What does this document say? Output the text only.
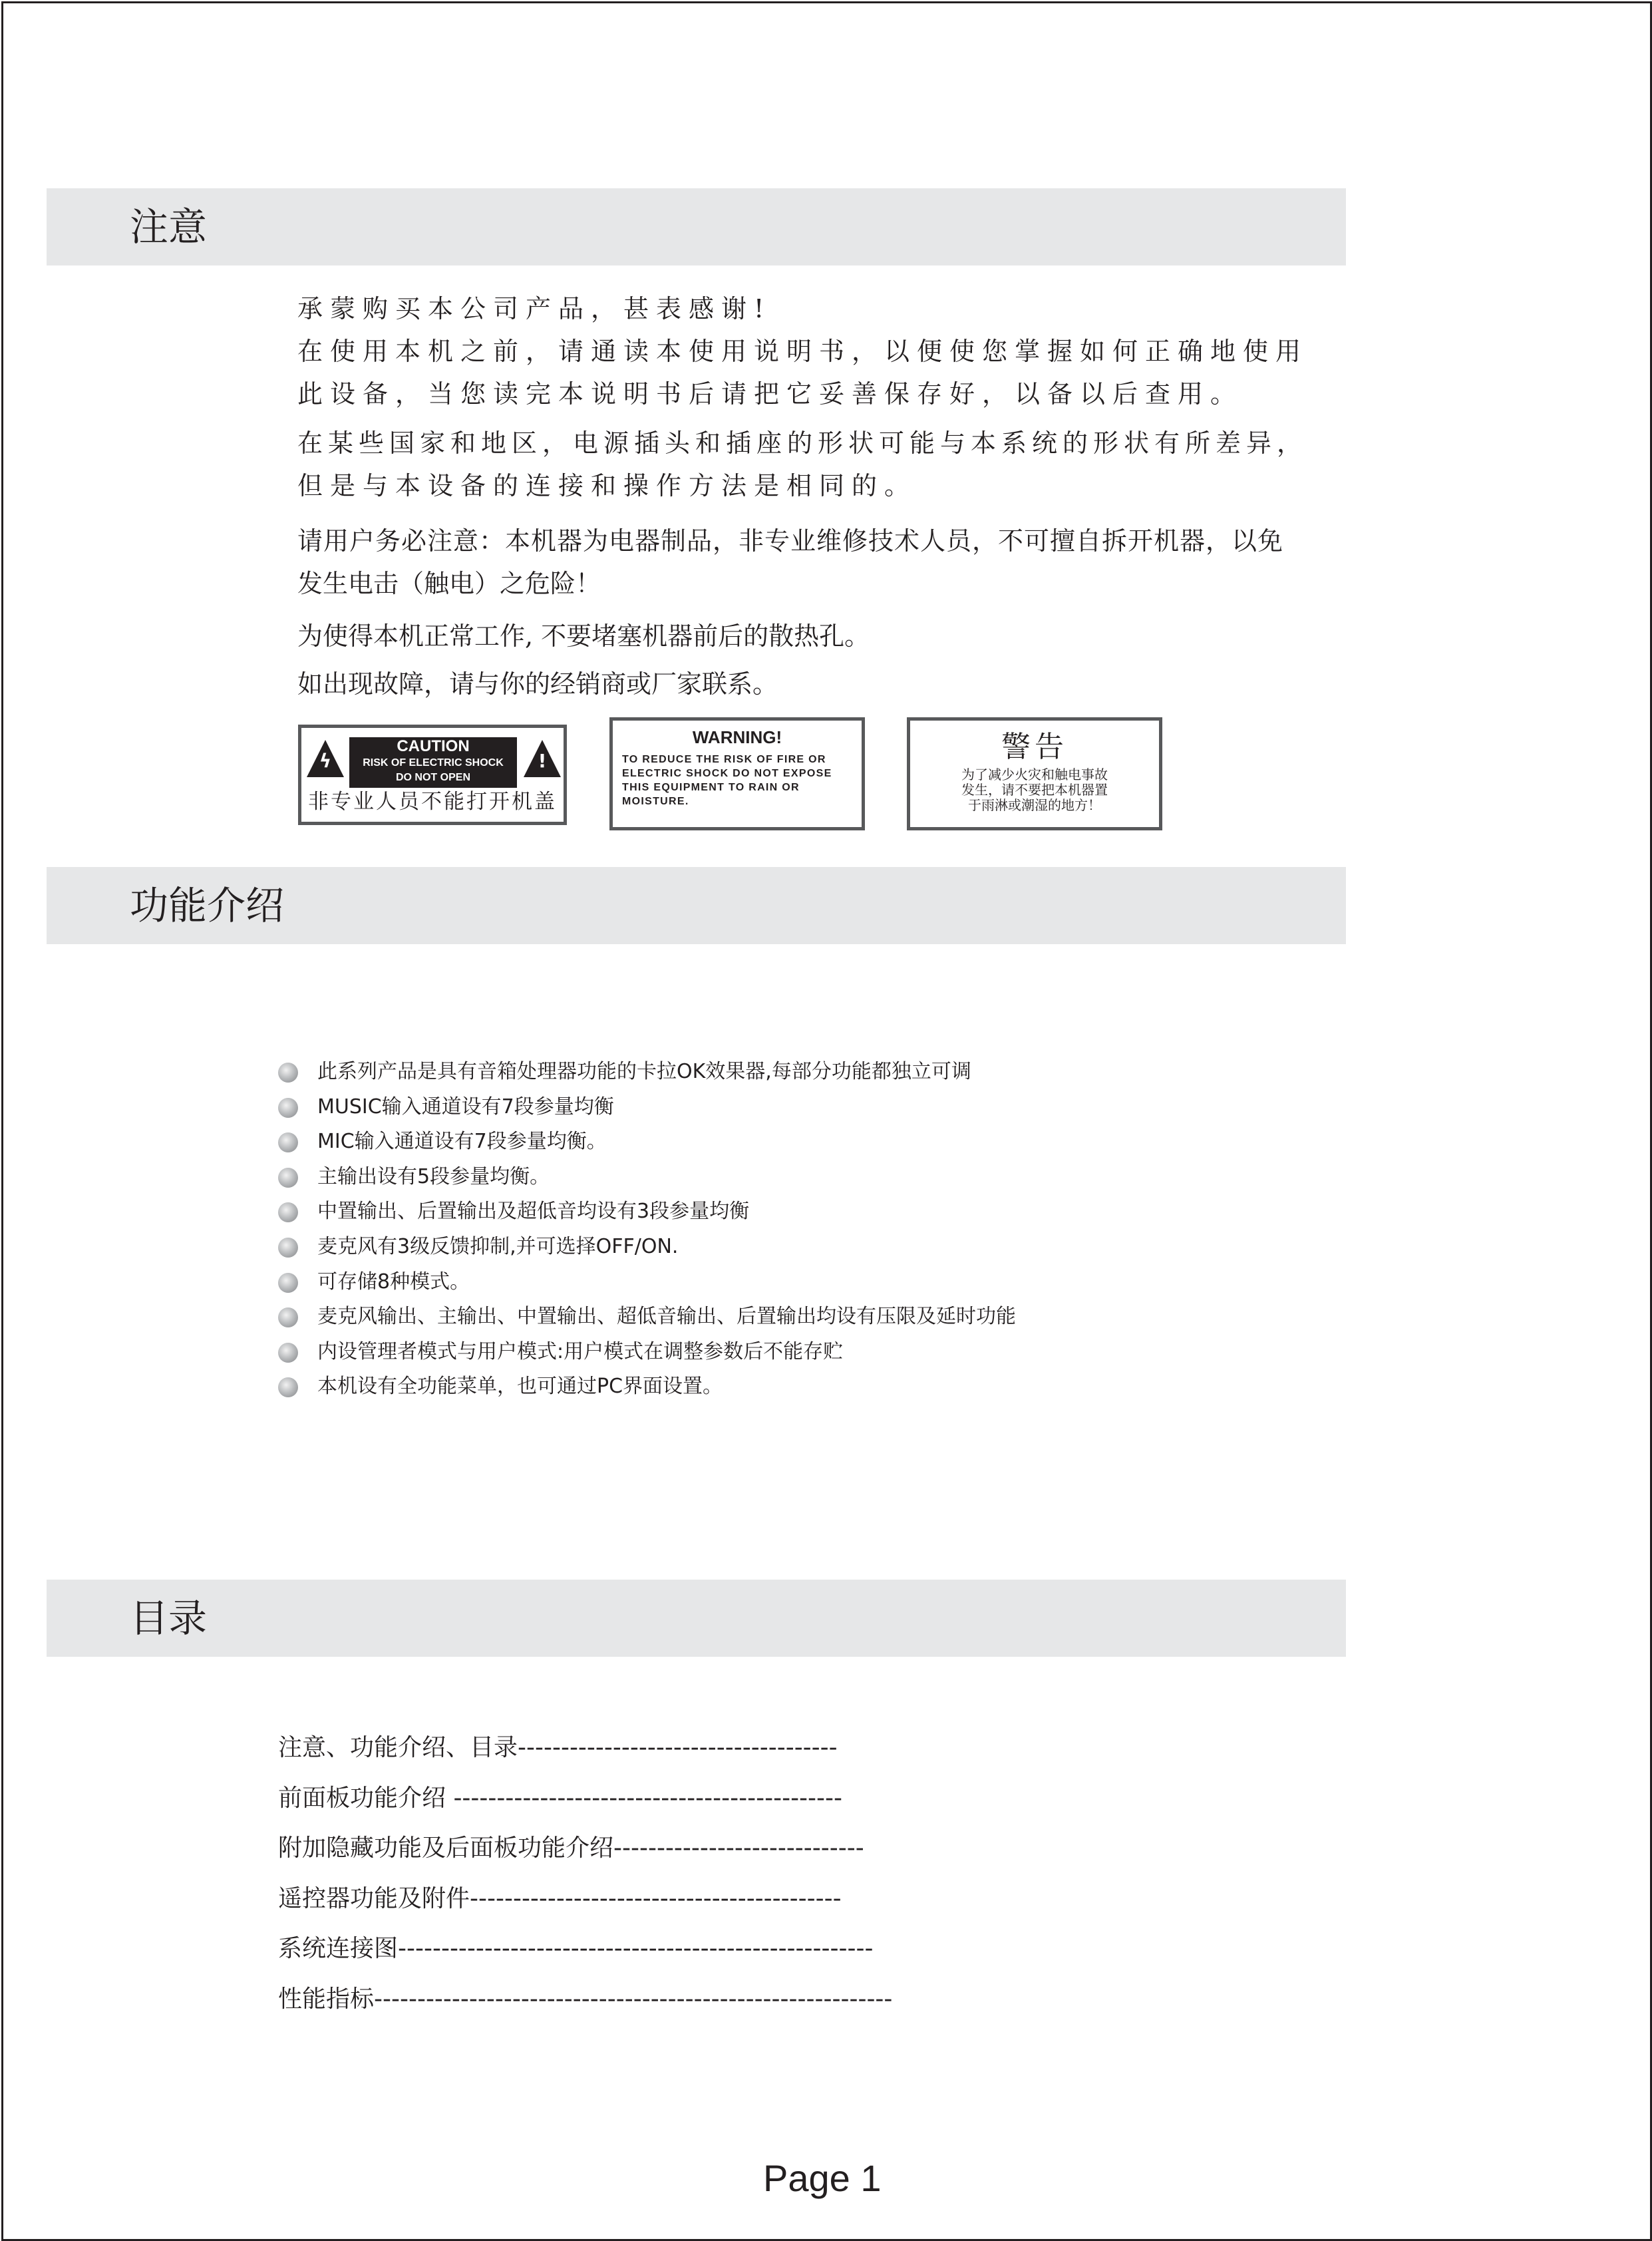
注意
承蒙购买本公司产品，甚表感谢!
在使用本机之前，请通读本使用说明书，以便使您掌握如何正确地使用
此设备，当您读完本说明书后请把它妥善保存好，以备以后查用。
在某些国家和地区，电源插头和插座的形状可能与本系统的形状有所差异，
但是与本设备的连接和操作方法是相同的。
请用户务必注意：本机器为电器制品，非专业维修技术人员，不可擅自拆开机器，以免
发生电击（触电）之危险！
为使得本机正常工作, 不要堵塞机器前后的散热孔。
如出现故障，请与你的经销商或厂家联系。
ϟ
CAUTION
RISK OF ELECTRIC SHOCK
DO NOT OPEN
!
非专业人员不能打开机盖
WARNING!
TO REDUCE THE RISK OF FIRE OR ELECTRIC SHOCK DO NOT EXPOSE THIS EQUIPMENT TO RAIN OR MOISTURE.
警告
为了减少火灾和触电事故
发生，请不要把本机器置
于雨淋或潮湿的地方！
功能介绍
此系列产品是具有音箱处理器功能的卡拉OK效果器,每部分功能都独立可调
MUSIC输入通道设有7段参量均衡
MIC输入通道设有7段参量均衡。
主输出设有5段参量均衡。
中置输出、后置输出及超低音均设有3段参量均衡
麦克风有3级反馈抑制,并可选择OFF/ON.
可存储8种模式。
麦克风输出、主输出、中置输出、超低音输出、后置输出均设有压限及延时功能
内设管理者模式与用户模式:用户模式在调整参数后不能存贮
本机设有全功能菜单，也可通过PC界面设置。
目录
注意、功能介绍、目录-------------------------------------
前面板功能介绍 ---------------------------------------------
附加隐藏功能及后面板功能介绍-----------------------------
遥控器功能及附件-------------------------------------------
系统连接图-------------------------------------------------------
性能指标------------------------------------------------------------
Page 1
